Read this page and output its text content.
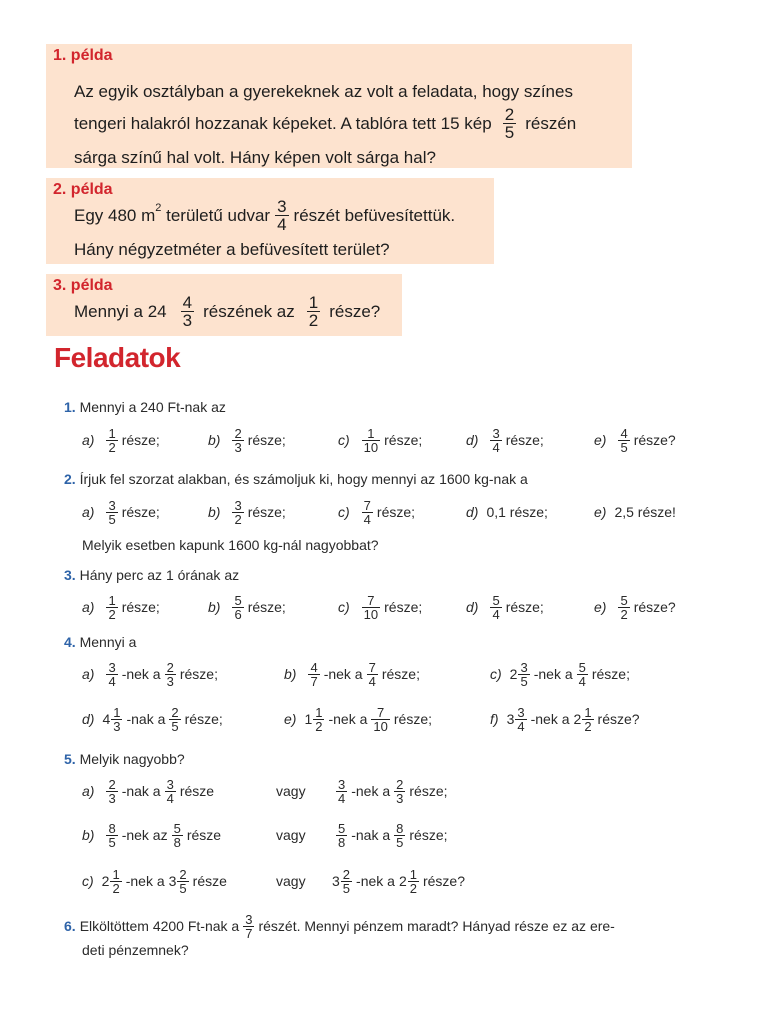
1. példa
Az egyik osztályban a gyerekeknek az volt a feladata, hogy színes
tengeri halakról hozzanak képeket. A tablóra tett 15 kép $\frac{2}{5}$ részén
sárga színű hal volt. Hány képen volt sárga hal?
2. példa
Egy 480 $m^2$ területű udvar $\frac{3}{4}$ részét befüvesítettük.
Hány négyzetméter a befüvesített terület?
3. példa
Mennyi a $24 \frac{4}{3}$ részének az $\frac{1}{2}$ része?
Feladatok
1. Mennyi a 240 Ft-nak az
$a) \frac{1}{2}$ része;	$b) \frac{2}{3}$ része;	$c) \frac{1}{10}$ része;	$d) \frac{3}{4}$ része;	$e) \frac{4}{5}$ része?
2. Írjuk fel szorzat alakban, és számoljuk ki, hogy mennyi az 1600 kg-nak a
$a) \frac{3}{5}$ része;	$b) \frac{3}{2}$ része;	$c) \frac{7}{4}$ része;	d) 0,1 része;	e) 2,5 része!
Melyik esetben kapunk 1600 kg-nál nagyobbat?
3. Hány perc az 1 órának az
$a) \frac{1}{2}$ része;	$b) \frac{5}{6}$ része;	$c) \frac{7}{10}$ része;	$d) \frac{5}{4}$ része;	$e) \frac{5}{2}$ része?
4. Mennyi a
$a) \frac{3}{4} -nek$ a $\frac{2}{3}$ része;	$b) \frac{4}{7} -nek$ a $\frac{7}{4}$ része;	c) $2 \frac{3}{5} -nek$ a $\frac{5}{4}$ része;
d) $4 \frac{1}{3} -nak$ a $\frac{2}{5}$ része;	e) $1 \frac{1}{2} -nek$ a $\frac{7}{10}$ része;	f) $3 \frac{3}{4} -nek$ a $2 \frac{1}{2}$ része?
5. Melyik nagyobb?
$a) \frac{2}{3} -nak$ a $\frac{3}{4}$ része	vagy $\frac{3}{4} -nek$ a $\frac{2}{3}$ része;
$b) \frac{8}{5} -nek$ az $\frac{5}{8}$ része	vagy $\frac{5}{8} -nak$ a $\frac{8}{5}$ része;
c) $2 \frac{1}{2} -nek$ a $3 \frac{2}{5}$ része	vagy $3 \frac{2}{5} -nek$ a $2 \frac{1}{2}$ része?
6. Elköltöttem 4200 Ft-nak a $\frac{3}{7}$ részét. Mennyi pénzem maradt? Hányad része ez az ere-
deti pénzemnek?
